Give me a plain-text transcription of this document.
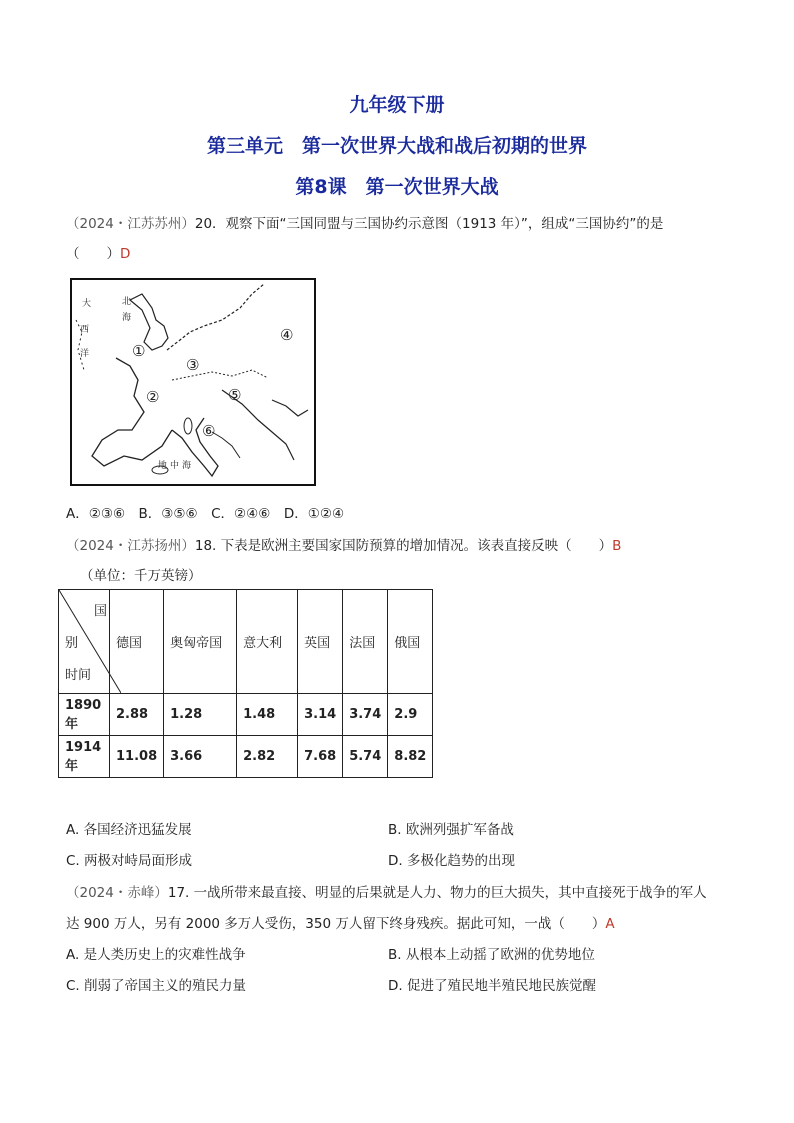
九年级下册
第三单元　第一次世界大战和战后初期的世界
第8课　第一次世界大战
（2024・江苏苏州）20．观察下面“三国同盟与三国协约示意图（1913 年）”，组成“三国协约”的是
（　　）D
大
西
洋
北
海
地 中 海
①
②
③
④
⑤
⑥
A．②③⑥　B．③⑤⑥　C．②④⑥　D．①②④
（2024・江苏扬州）18. 下表是欧洲主要国家国防预算的增加情况。该表直接反映（　　）B
（单位：千万英镑）
国
别
时间	德国	奥匈帝国	意大利	英国	法国	俄国
1890 年	2.88	1.28	1.48	3.14	3.74	2.9
1914 年	11.08	3.66	2.82	7.68	5.74	8.82
A. 各国经济迅猛发展	B. 欧洲列强扩军备战
C. 两极对峙局面形成	D. 多极化趋势的出现
（2024・赤峰）17. 一战所带来最直接、明显的后果就是人力、物力的巨大损失，其中直接死于战争的军人
达 900 万人，另有 2000 多万人受伤，350 万人留下终身残疾。据此可知，一战（　　）A
A. 是人类历史上的灾难性战争	B. 从根本上动摇了欧洲的优势地位
C. 削弱了帝国主义的殖民力量	D. 促进了殖民地半殖民地民族觉醒
